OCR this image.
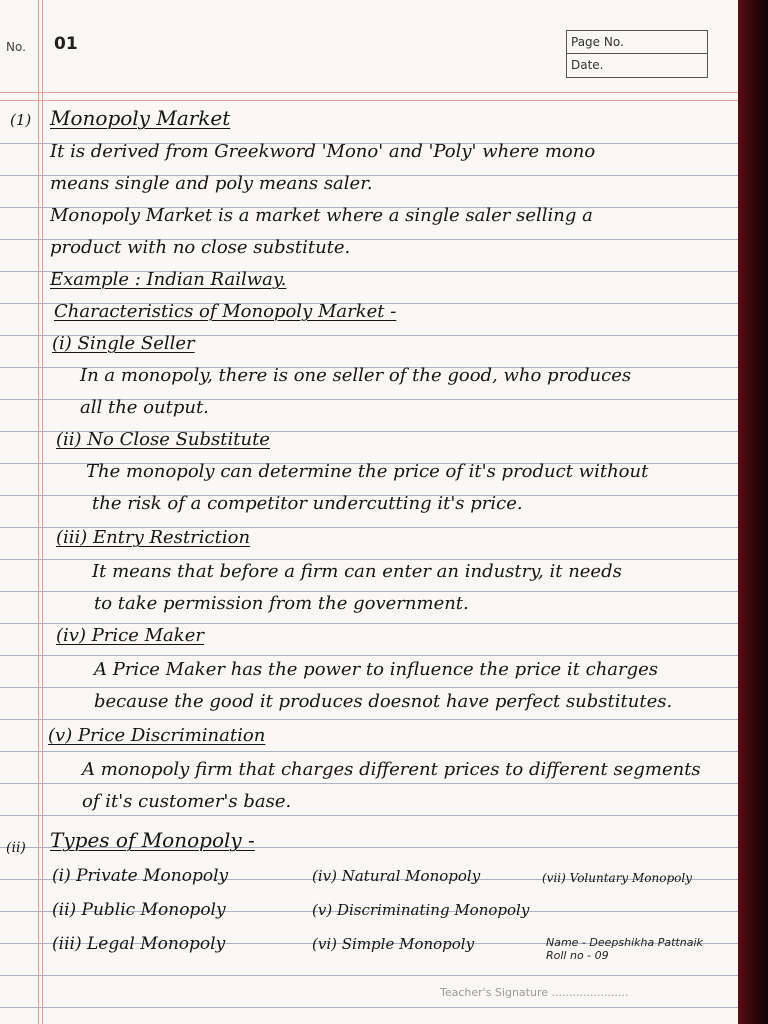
No. 01	Page No.
Date.
(1) Monopoly Market
It is derived from Greekword 'Mono' and 'Poly' where mono
means single and poly means saler.
Monopoly Market is a market where a single saler selling a
product with no close substitute.
Example : Indian Railway.
Characteristics of Monopoly Market -
(i) Single Seller
In a monopoly, there is one seller of the good, who produces
all the output.
(ii) No Close Substitute
The monopoly can determine the price of it's product without
the risk of a competitor undercutting it's price.
(iii) Entry Restriction
It means that before a firm can enter an industry, it needs
to take permission from the government.
(iv) Price Maker
A Price Maker has the power to influence the price it charges
because the good it produces doesnot have perfect substitutes.
(v) Price Discrimination
A monopoly firm that charges different prices to different segments
of it's customer's base.
(ii) Types of Monopoly -
(i) Private Monopoly
(ii) Public Monopoly
(iii) Legal Monopoly
(iv) Natural Monopoly
(v) Discriminating Monopoly
(vi) Simple Monopoly
(vii) Voluntary Monopoly
Name - Deepshikha Pattnaik
Roll no - 09
Teacher's Signature ......................
